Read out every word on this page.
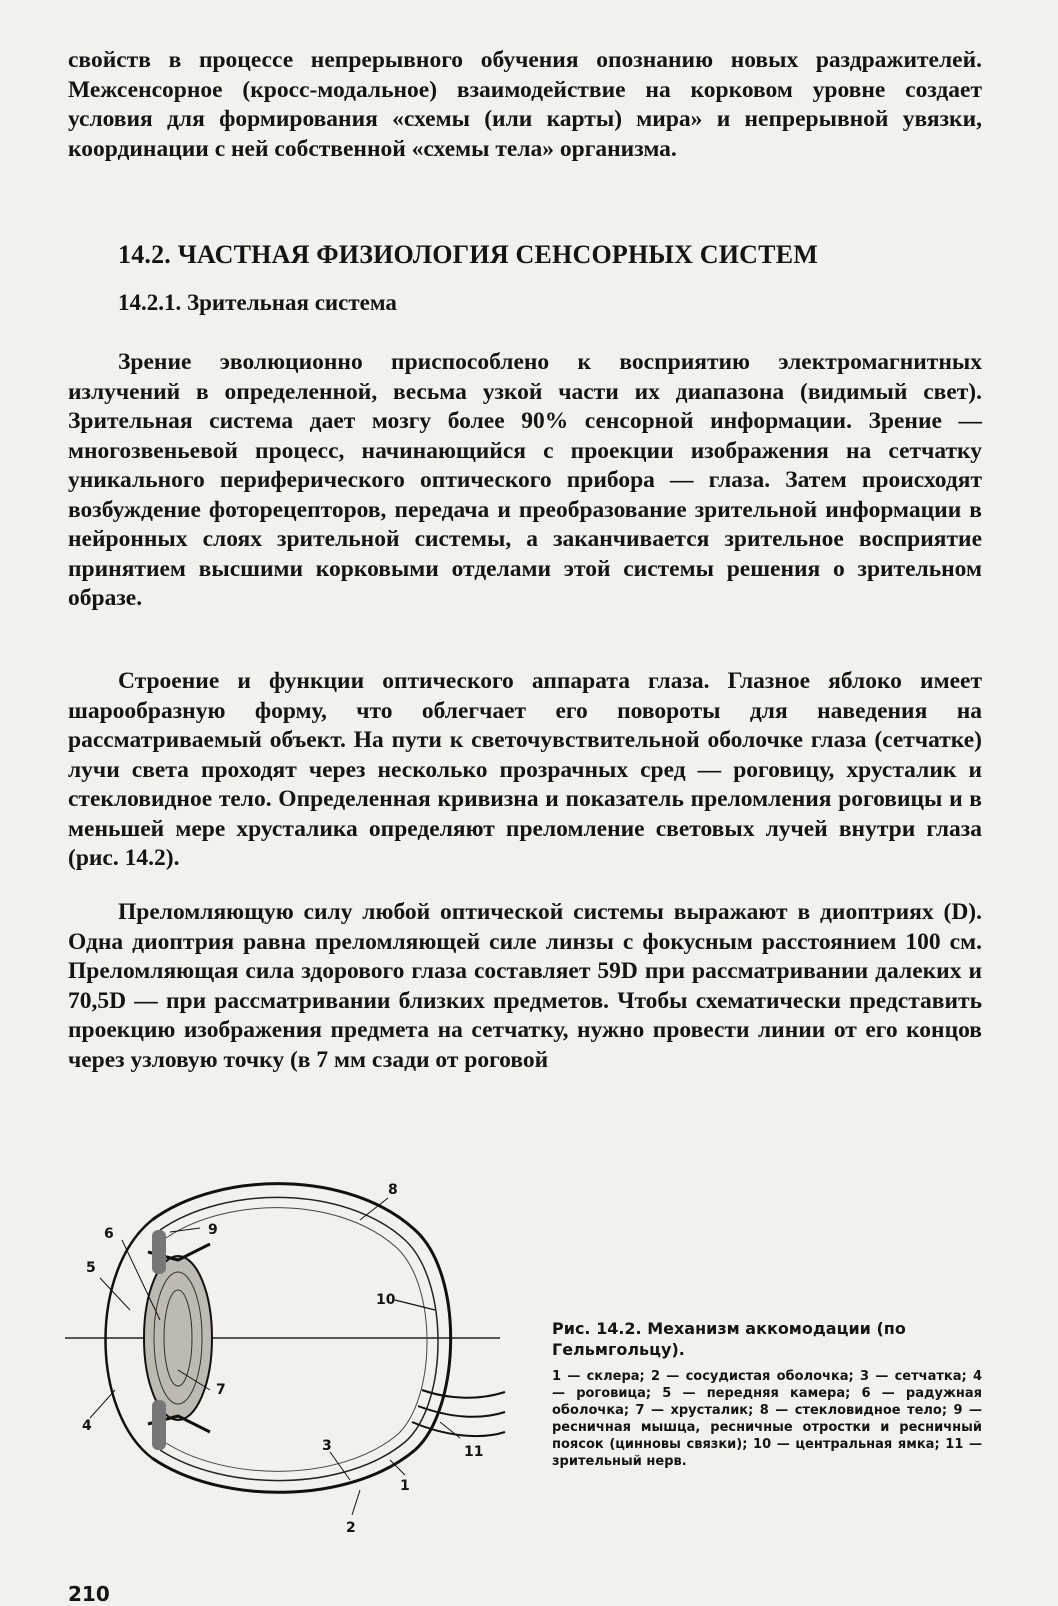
свойств в процессе непрерывного обучения опознанию новых раздражителей. Межсенсорное (кросс-модальное) взаимодействие на корковом уровне создает условия для формирования «схемы (или карты) мира» и непрерывной увязки, координации с ней собственной «схемы тела» организма.

14.2. ЧАСТНАЯ ФИЗИОЛОГИЯ СЕНСОРНЫХ СИСТЕМ
14.2.1. Зрительная система

Зрение эволюционно приспособлено к восприятию электромагнитных излучений в определенной, весьма узкой части их диапазона (видимый свет). Зрительная система дает мозгу более 90% сенсорной информации. Зрение — многозвеньевой процесс, начинающийся с проекции изображения на сетчатку уникального периферического оптического прибора — глаза. Затем происходят возбуждение фоторецепторов, передача и преобразование зрительной информации в нейронных слоях зрительной системы, а заканчивается зрительное восприятие принятием высшими корковыми отделами этой системы решения о зрительном образе.

Строение и функции оптического аппарата глаза. Глазное яблоко имеет шарообразную форму, что облегчает его повороты для наведения на рассматриваемый объект. На пути к светочувствительной оболочке глаза (сетчатке) лучи света проходят через несколько прозрачных сред — роговицу, хрусталик и стекловидное тело. Определенная кривизна и показатель преломления роговицы и в меньшей мере хрусталика определяют преломление световых лучей внутри глаза (рис. 14.2).

Преломляющую силу любой оптической системы выражают в диоптриях (D). Одна диоптрия равна преломляющей силе линзы с фокусным расстоянием 100 см. Преломляющая сила здорового глаза составляет 59D при рассматривании далеких и 70,5D — при рассматривании близких предметов. Чтобы схематически представить проекцию изображения предмета на сетчатку, нужно провести линии от его концов через узловую точку (в 7 мм сзади от роговой

1
2
3
4
5
6
7
8
9
10
11

Рис. 14.2. Механизм аккомодации (по Гельмгольцу).

1 — склера; 2 — сосудистая оболочка; 3 — сетчатка; 4 — роговица; 5 — передняя камера; 6 — радужная оболочка; 7 — хрусталик; 8 — стекловидное тело; 9 — ресничная мышца, ресничные отростки и ресничный поясок (цинновы связки); 10 — центральная ямка; 11 — зрительный нерв.

210
